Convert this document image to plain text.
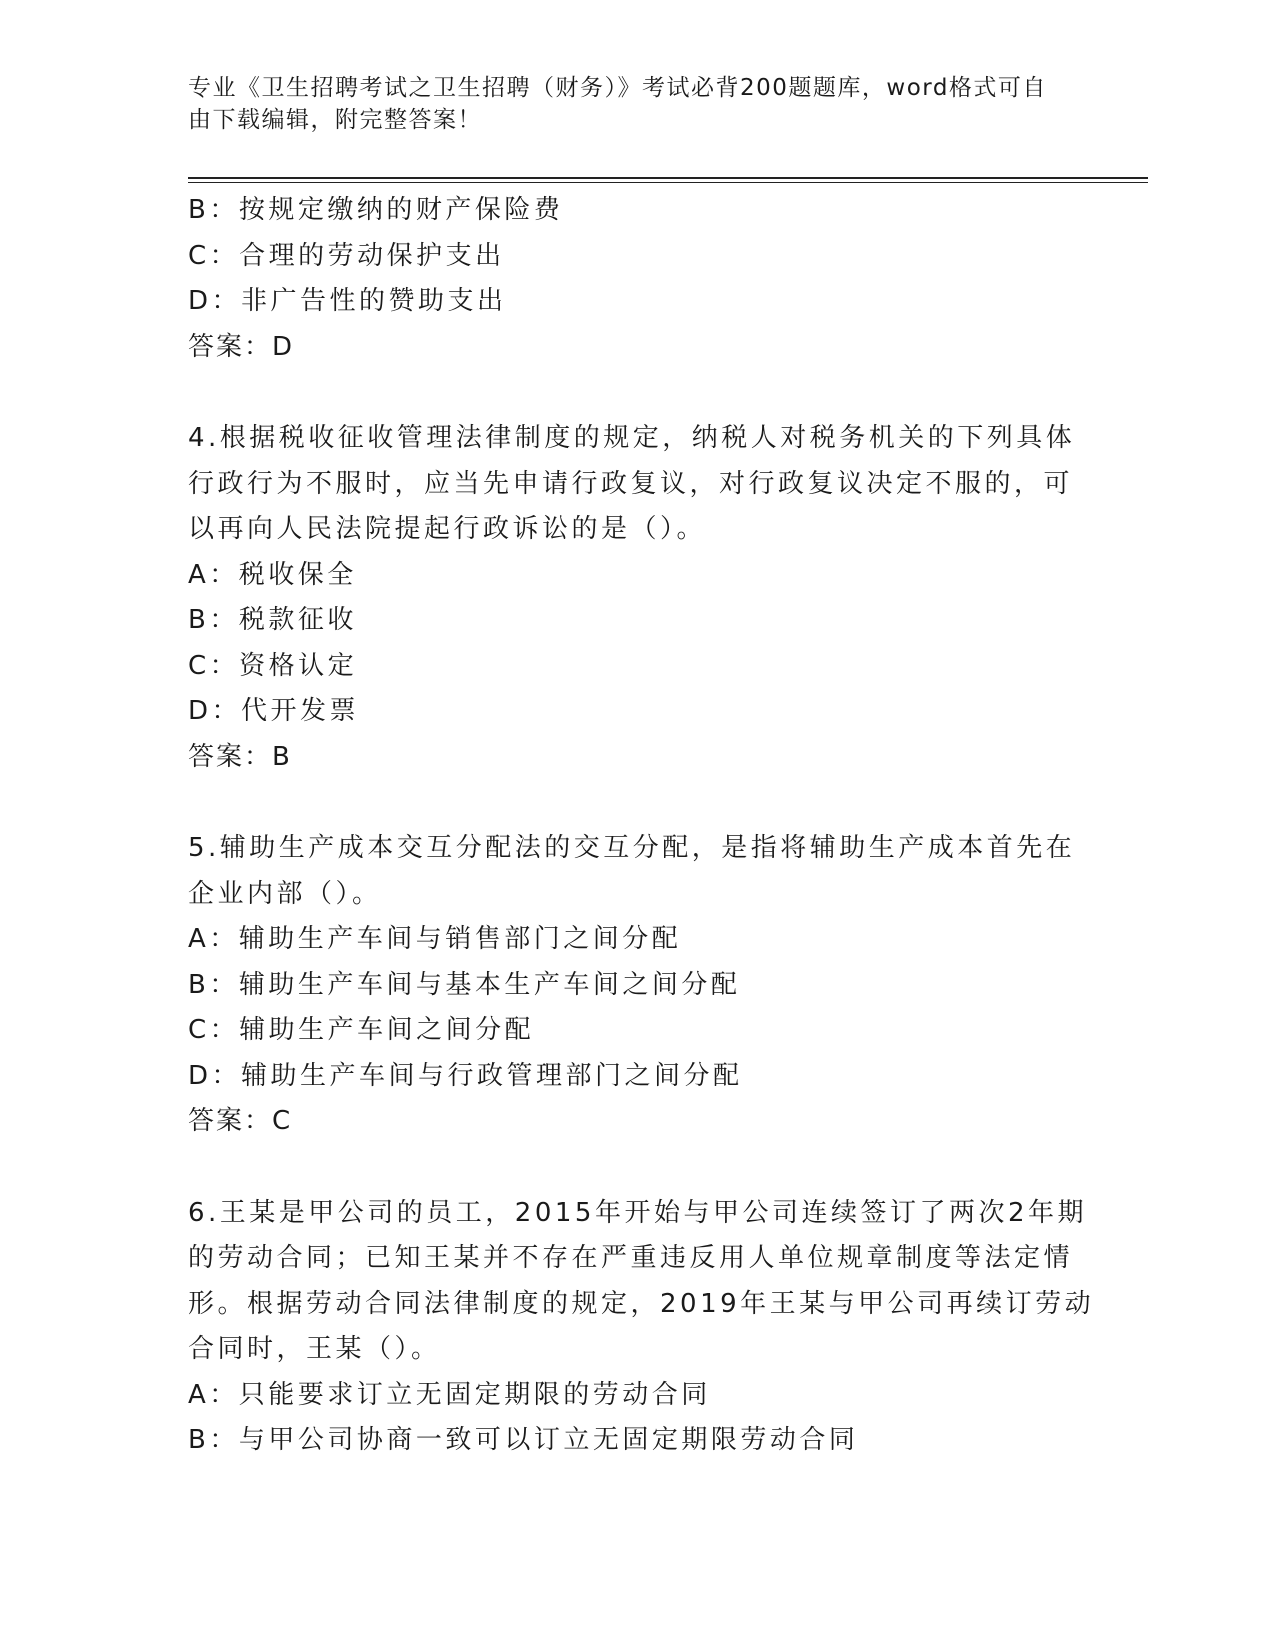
专业《卫生招聘考试之卫生招聘（财务）》考试必背200题题库，word格式可自由下载编辑，附完整答案！
B：按规定缴纳的财产保险费
C：合理的劳动保护支出
D：非广告性的赞助支出
答案：D
4.根据税收征收管理法律制度的规定，纳税人对税务机关的下列具体
行政行为不服时，应当先申请行政复议，对行政复议决定不服的，可
以再向人民法院提起行政诉讼的是（）。
A：税收保全
B：税款征收
C：资格认定
D：代开发票
答案：B
5.辅助生产成本交互分配法的交互分配，是指将辅助生产成本首先在
企业内部（）。
A：辅助生产车间与销售部门之间分配
B：辅助生产车间与基本生产车间之间分配
C：辅助生产车间之间分配
D：辅助生产车间与行政管理部门之间分配
答案：C
6.王某是甲公司的员工，2015年开始与甲公司连续签订了两次2年期
的劳动合同；已知王某并不存在严重违反用人单位规章制度等法定情
形。根据劳动合同法律制度的规定，2019年王某与甲公司再续订劳动
合同时，王某（）。
A：只能要求订立无固定期限的劳动合同
B：与甲公司协商一致可以订立无固定期限劳动合同
